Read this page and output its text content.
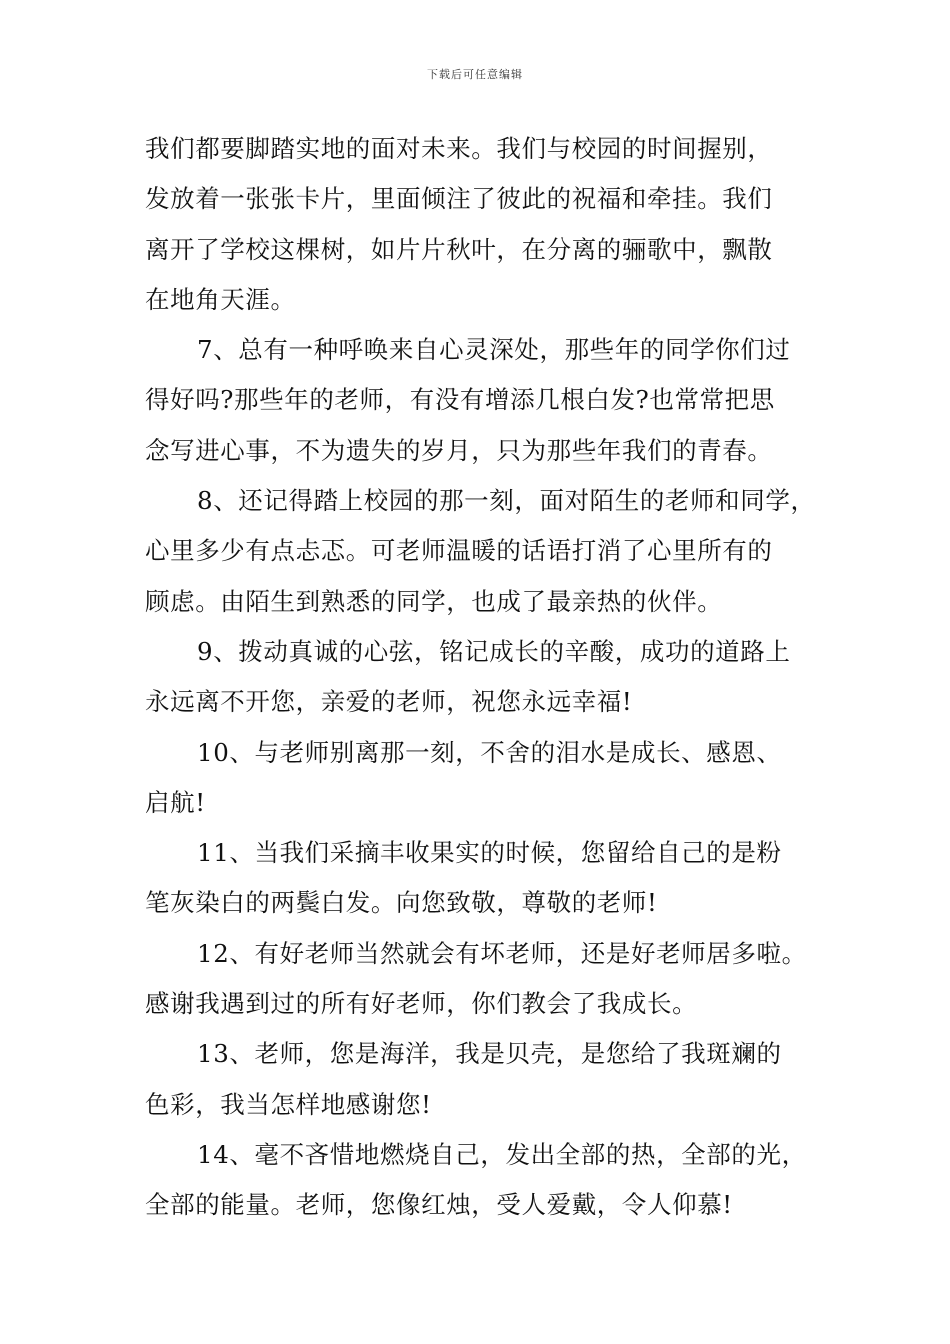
下载后可任意编辑
我们都要脚踏实地的面对未来。我们与校园的时间握别，
发放着一张张卡片，里面倾注了彼此的祝福和牵挂。我们
离开了学校这棵树，如片片秋叶，在分离的骊歌中，飘散
在地角天涯。
7、总有一种呼唤来自心灵深处，那些年的同学你们过
得好吗?那些年的老师，有没有增添几根白发?也常常把思
念写进心事，不为遗失的岁月，只为那些年我们的青春。
8、还记得踏上校园的那一刻，面对陌生的老师和同学，
心里多少有点忐忑。可老师温暖的话语打消了心里所有的
顾虑。由陌生到熟悉的同学，也成了最亲热的伙伴。
9、拨动真诚的心弦，铭记成长的辛酸，成功的道路上
永远离不开您，亲爱的老师，祝您永远幸福!
10、与老师别离那一刻，不舍的泪水是成长、感恩、
启航!
11、当我们采摘丰收果实的时候，您留给自己的是粉
笔灰染白的两鬓白发。向您致敬，尊敬的老师!
12、有好老师当然就会有坏老师，还是好老师居多啦。
感谢我遇到过的所有好老师，你们教会了我成长。
13、老师，您是海洋，我是贝壳，是您给了我斑斓的
色彩，我当怎样地感谢您!
14、毫不吝惜地燃烧自己，发出全部的热，全部的光，
全部的能量。老师，您像红烛，受人爱戴，令人仰慕!
